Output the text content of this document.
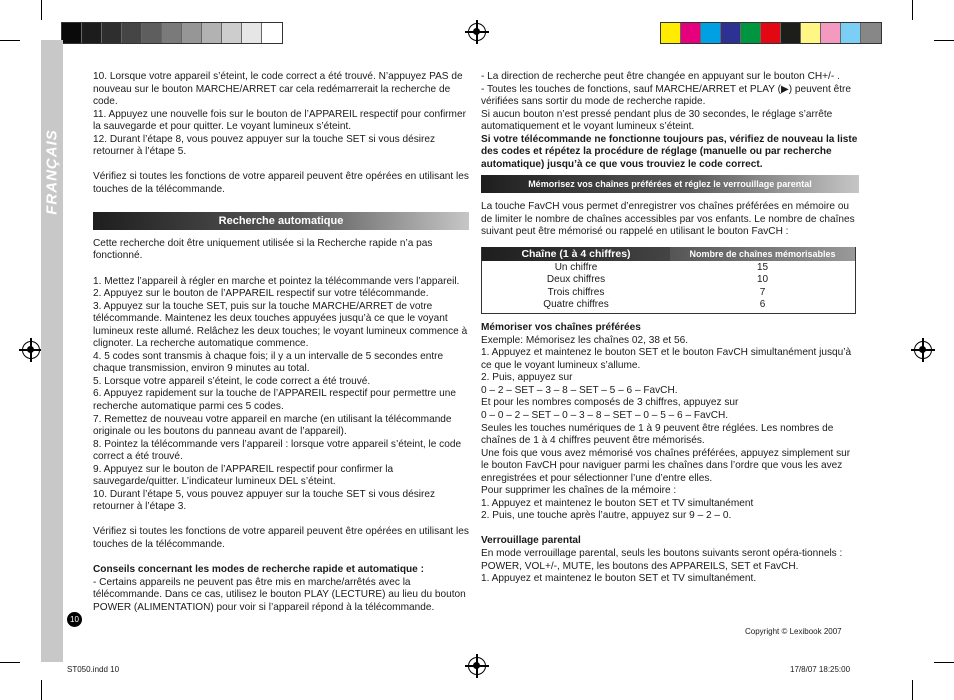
FRANÇAIS
10

10. Lorsque votre appareil s’éteint, le code correct a été trouvé. N’appuyez PAS de nouveau sur le bouton MARCHE/ARRET car cela redémarrerait la recherche de code.

11. Appuyez une nouvelle fois sur le bouton de l’APPAREIL respectif pour confirmer la sauvegarde et pour quitter. Le voyant lumineux s’éteint.

12. Durant l’étape 8, vous pouvez appuyer sur la touche SET si vous désirez retourner à l’étape 5.

Vérifiez si toutes les fonctions de votre appareil peuvent être opérées en utilisant les touches de la télécommande.

Recherche automatique

Cette recherche doit être uniquement utilisée si la Recherche rapide n’a pas fonctionné.

1. Mettez l’appareil à régler en marche et pointez la télécommande vers l’appareil.

2. Appuyez sur le bouton de l’APPAREIL respectif sur votre télécommande.

3. Appuyez sur la touche SET, puis sur la touche MARCHE/ARRET de votre télécommande. Maintenez les deux touches appuyées jusqu’à ce que le voyant lumineux reste allumé. Relâchez les deux touches; le voyant lumineux commence à clignoter. La recherche automatique commence.

4. 5 codes sont transmis à chaque fois; il y a un intervalle de 5 secondes entre chaque transmission, environ 9 minutes au total.

5. Lorsque votre appareil s’éteint, le code correct a été trouvé.

6. Appuyez rapidement sur la touche de l’APPAREIL respectif pour permettre une recherche automatique parmi ces 5 codes.

7. Remettez de nouveau votre appareil en marche (en utilisant la télécommande originale ou les boutons du panneau avant de l’appareil).

8. Pointez la télécommande vers l’appareil : lorsque votre appareil s’éteint, le code correct a été trouvé.

9. Appuyez sur le bouton de l’APPAREIL respectif pour confirmer la sauvegarde/quitter. L’indicateur lumineux DEL s’éteint.

10. Durant l’étape 5, vous pouvez appuyer sur la touche SET si vous désirez retourner à l’étape 3.

Vérifiez si toutes les fonctions de votre appareil peuvent être opérées en utilisant les touches de la télécommande.

Conseils concernant les modes de recherche rapide et automatique :

- Certains appareils ne peuvent pas être mis en marche/arrêtés avec la télécommande. Dans ce cas, utilisez le bouton PLAY (LECTURE) au lieu du bouton POWER (ALIMENTATION) pour voir si l’appareil répond à la télécommande.

- La direction de recherche peut être changée en appuyant sur le bouton CH+/- .

- Toutes les touches de fonctions, sauf MARCHE/ARRET et PLAY (▶) peuvent être vérifiées sans sortir du mode de recherche rapide.

Si aucun bouton n’est pressé pendant plus de 30 secondes, le réglage s’arrête automatiquement et le voyant lumineux s’éteint.

Si votre télécommande ne fonctionne toujours pas, vérifiez de nouveau la liste des codes et répétez la procédure de réglage (manuelle ou par recherche automatique) jusqu’à ce que vous trouviez le code correct.

Mémorisez vos chaînes préférées et réglez le verrouillage parental

La touche FavCH vous permet d’enregistrer vos chaînes préférées en mémoire ou de limiter le nombre de chaînes accessibles par vos enfants. Le nombre de chaînes suivant peut être mémorisé ou rappelé en utilisant le bouton FavCH :

Chaîne (1 à 4 chiffres)	Nombre de chaînes mémorisables
Un chiffre
Deux chiffres
Trois chiffres
Quatre chiffres
15
10
7
6

Mémoriser vos chaînes préférées

Exemple: Mémorisez les chaînes 02, 38 et 56.

1. Appuyez et maintenez le bouton SET et le bouton FavCH simultanément jusqu’à ce que le voyant lumineux s’allume.

2. Puis, appuyez sur

0 – 2 – SET – 3 – 8 – SET – 5 – 6 – FavCH.

Et pour les nombres composés de 3 chiffres, appuyez sur

0 – 0 – 2 – SET – 0 – 3 – 8 – SET – 0 – 5 – 6 – FavCH.

Seules les touches numériques de 1 à 9 peuvent être réglées. Les nombres de chaînes de 1 à 4 chiffres peuvent être mémorisés.

Une fois que vous avez mémorisé vos chaînes préférées, appuyez simplement sur le bouton FavCH pour naviguer parmi les chaînes dans l’ordre que vous les avez enregistrées et pour sélectionner l’une d’entre elles.

Pour supprimer les chaînes de la mémoire :

1. Appuyez et maintenez le bouton SET et TV simultanément

2. Puis, une touche après l’autre, appuyez sur 9 – 2 – 0.

Verrouillage parental

En mode verrouillage parental, seuls les boutons suivants seront opéra-tionnels : POWER, VOL+/-, MUTE, les boutons des APPAREILS, SET et FavCH.

1. Appuyez et maintenez le bouton SET et TV simultanément.

Copyright © Lexibook 2007
ST050.indd 10	17/8/07 18:25:00
